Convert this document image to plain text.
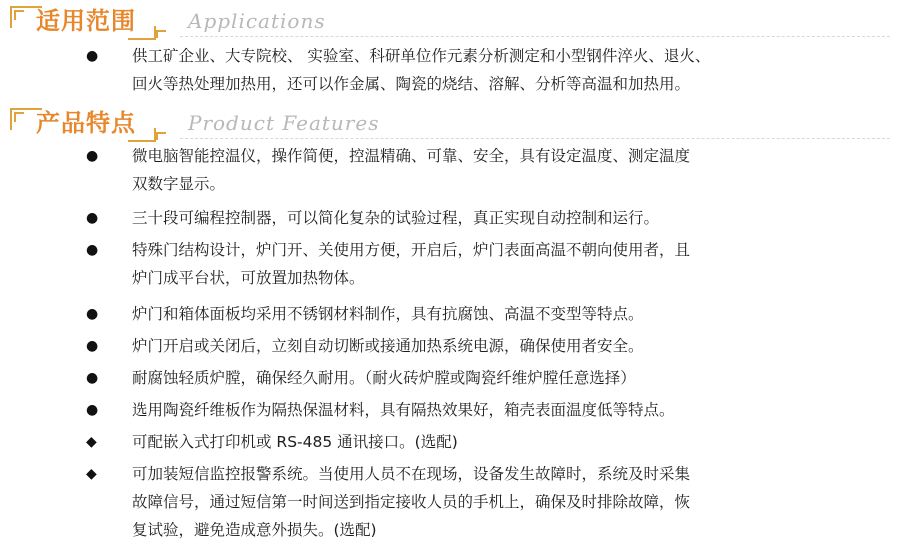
适用范围	Applications
●	供工矿企业、大专院校、 实验室、科研单位作元素分析测定和小型钢件淬火、退火、
回火等热处理加热用，还可以作金属、陶瓷的烧结、溶解、分析等高温和加热用。
产品特点	Product Features
●	微电脑智能控温仪，操作简便，控温精确、可靠、安全，具有设定温度、测定温度
双数字显示。
●	三十段可编程控制器，可以简化复杂的试验过程，真正实现自动控制和运行。
●	特殊门结构设计，炉门开、关使用方便，开启后，炉门表面高温不朝向使用者，且
炉门成平台状，可放置加热物体。
●	炉门和箱体面板均采用不锈钢材料制作，具有抗腐蚀、高温不变型等特点。
●	炉门开启或关闭后，立刻自动切断或接通加热系统电源，确保使用者安全。
●	耐腐蚀轻质炉膛，确保经久耐用。（耐火砖炉膛或陶瓷纤维炉膛任意选择）
●	选用陶瓷纤维板作为隔热保温材料，具有隔热效果好，箱壳表面温度低等特点。
◆	可配嵌入式打印机或 RS-485 通讯接口。(选配)
◆	可加装短信监控报警系统。当使用人员不在现场，设备发生故障时，系统及时采集
故障信号，通过短信第一时间送到指定接收人员的手机上，确保及时排除故障，恢
复试验，避免造成意外损失。(选配)
